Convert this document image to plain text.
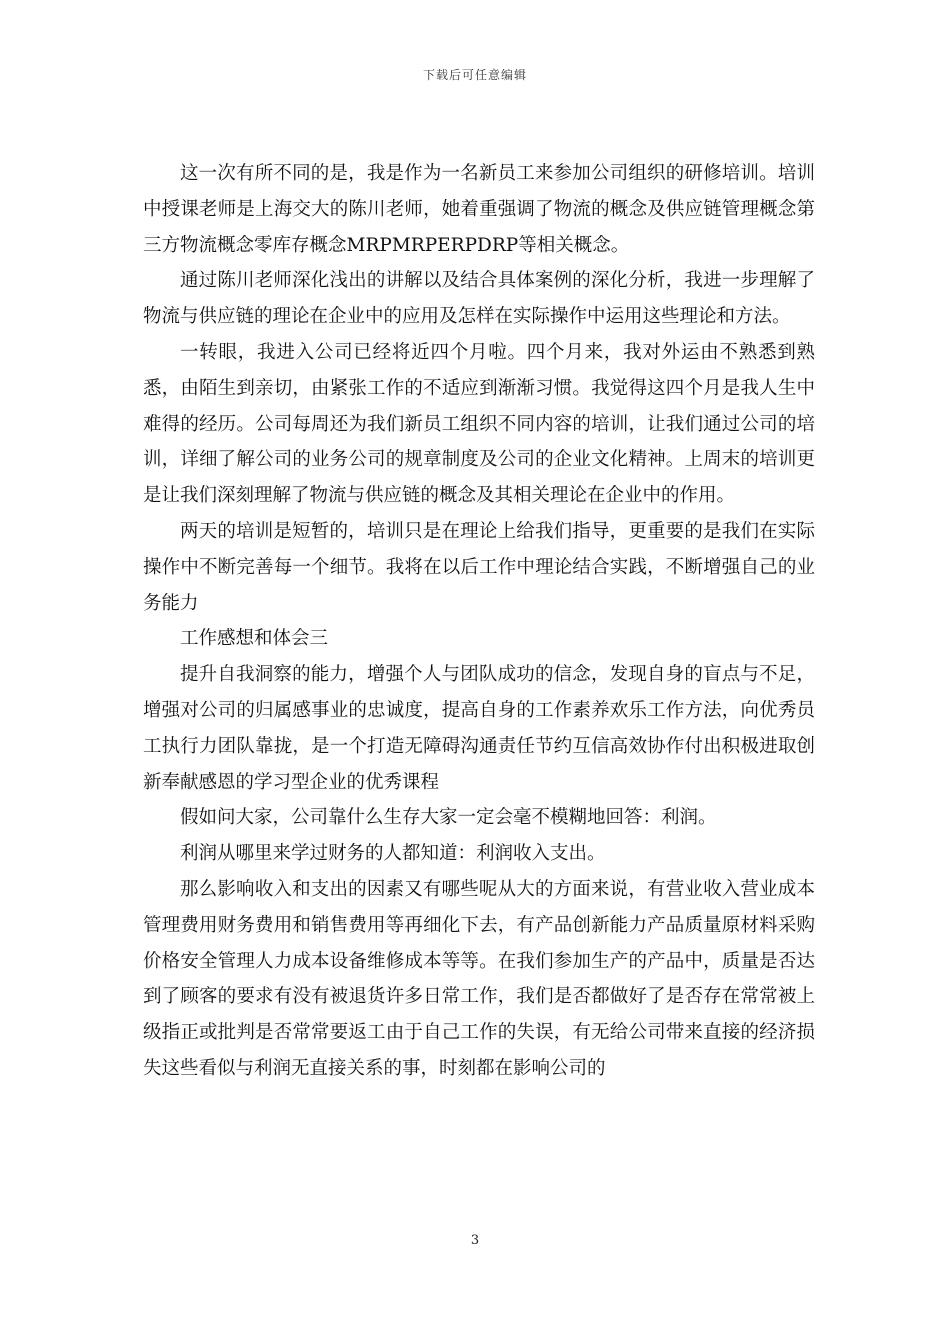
下载后可任意编辑

这一次有所不同的是，我是作为一名新员工来参加公司组织的研修培训。培训中授课老师是上海交大的陈川老师，她着重强调了物流的概念及供应链管理概念第三方物流概念零库存概念MRPMRPERPDRP等相关概念。

通过陈川老师深化浅出的讲解以及结合具体案例的深化分析，我进一步理解了物流与供应链的理论在企业中的应用及怎样在实际操作中运用这些理论和方法。

一转眼，我进入公司已经将近四个月啦。四个月来，我对外运由不熟悉到熟悉，由陌生到亲切，由紧张工作的不适应到渐渐习惯。我觉得这四个月是我人生中难得的经历。公司每周还为我们新员工组织不同内容的培训，让我们通过公司的培训，详细了解公司的业务公司的规章制度及公司的企业文化精神。上周末的培训更是让我们深刻理解了物流与供应链的概念及其相关理论在企业中的作用。

两天的培训是短暂的，培训只是在理论上给我们指导，更重要的是我们在实际操作中不断完善每一个细节。我将在以后工作中理论结合实践，不断增强自己的业务能力

工作感想和体会三

提升自我洞察的能力，增强个人与团队成功的信念，发现自身的盲点与不足，增强对公司的归属感事业的忠诚度，提高自身的工作素养欢乐工作方法，向优秀员工执行力团队靠拢，是一个打造无障碍沟通责任节约互信高效协作付出积极进取创新奉献感恩的学习型企业的优秀课程

假如问大家，公司靠什么生存大家一定会毫不模糊地回答：利润。

利润从哪里来学过财务的人都知道：利润收入支出。

那么影响收入和支出的因素又有哪些呢从大的方面来说，有营业收入营业成本管理费用财务费用和销售费用等再细化下去，有产品创新能力产品质量原材料采购价格安全管理人力成本设备维修成本等等。在我们参加生产的产品中，质量是否达到了顾客的要求有没有被退货许多日常工作，我们是否都做好了是否存在常常被上级指正或批判是否常常要返工由于自己工作的失误，有无给公司带来直接的经济损失这些看似与利润无直接关系的事，时刻都在影响公司的

3
